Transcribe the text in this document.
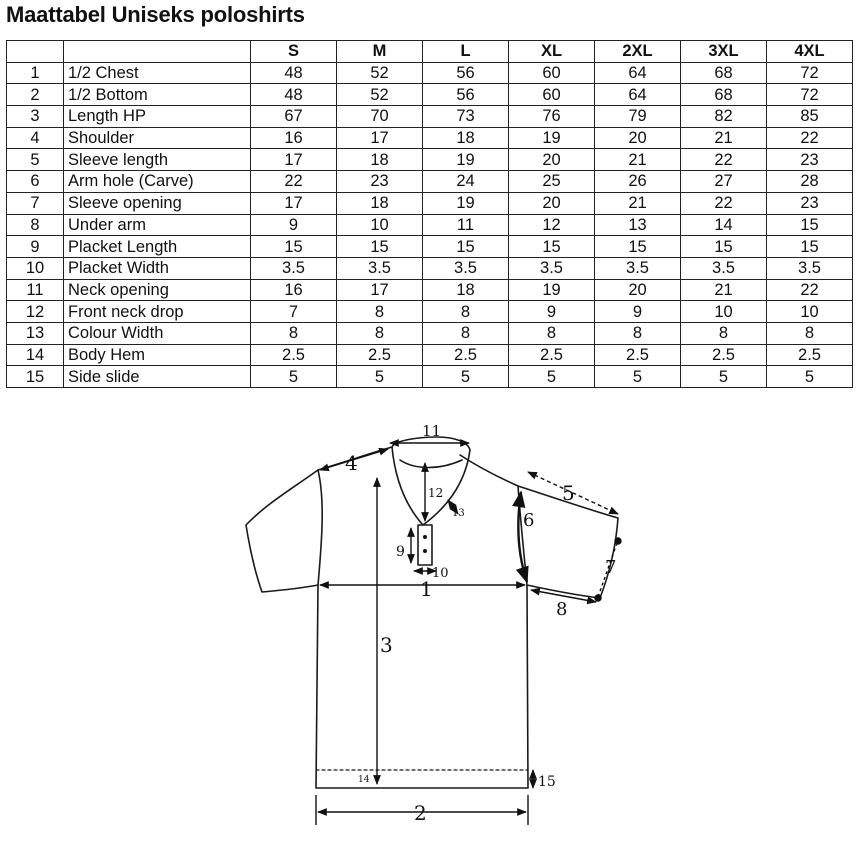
Maattabel Uniseks poloshirts
		S	M	L	XL	2XL	3XL	4XL
1	1/2 Chest	48	52	56	60	64	68	72
2	1/2 Bottom	48	52	56	60	64	68	72
3	Length HP	67	70	73	76	79	82	85
4	Shoulder	16	17	18	19	20	21	22
5	Sleeve length	17	18	19	20	21	22	23
6	Arm hole (Carve)	22	23	24	25	26	27	28
7	Sleeve opening	17	18	19	20	21	22	23
8	Under arm	9	10	11	12	13	14	15
9	Placket Length	15	15	15	15	15	15	15
10	Placket Width	3.5	3.5	3.5	3.5	3.5	3.5	3.5
11	Neck opening	16	17	18	19	20	21	22
12	Front neck drop	7	8	8	9	9	10	10
13	Colour Width	8	8	8	8	8	8	8
14	Body Hem	2.5	2.5	2.5	2.5	2.5	2.5	2.5
15	Side slide	5	5	5	5	5	5	5
1
2
3
4
5
6
7
8
9
10
11
12
13
14	15
